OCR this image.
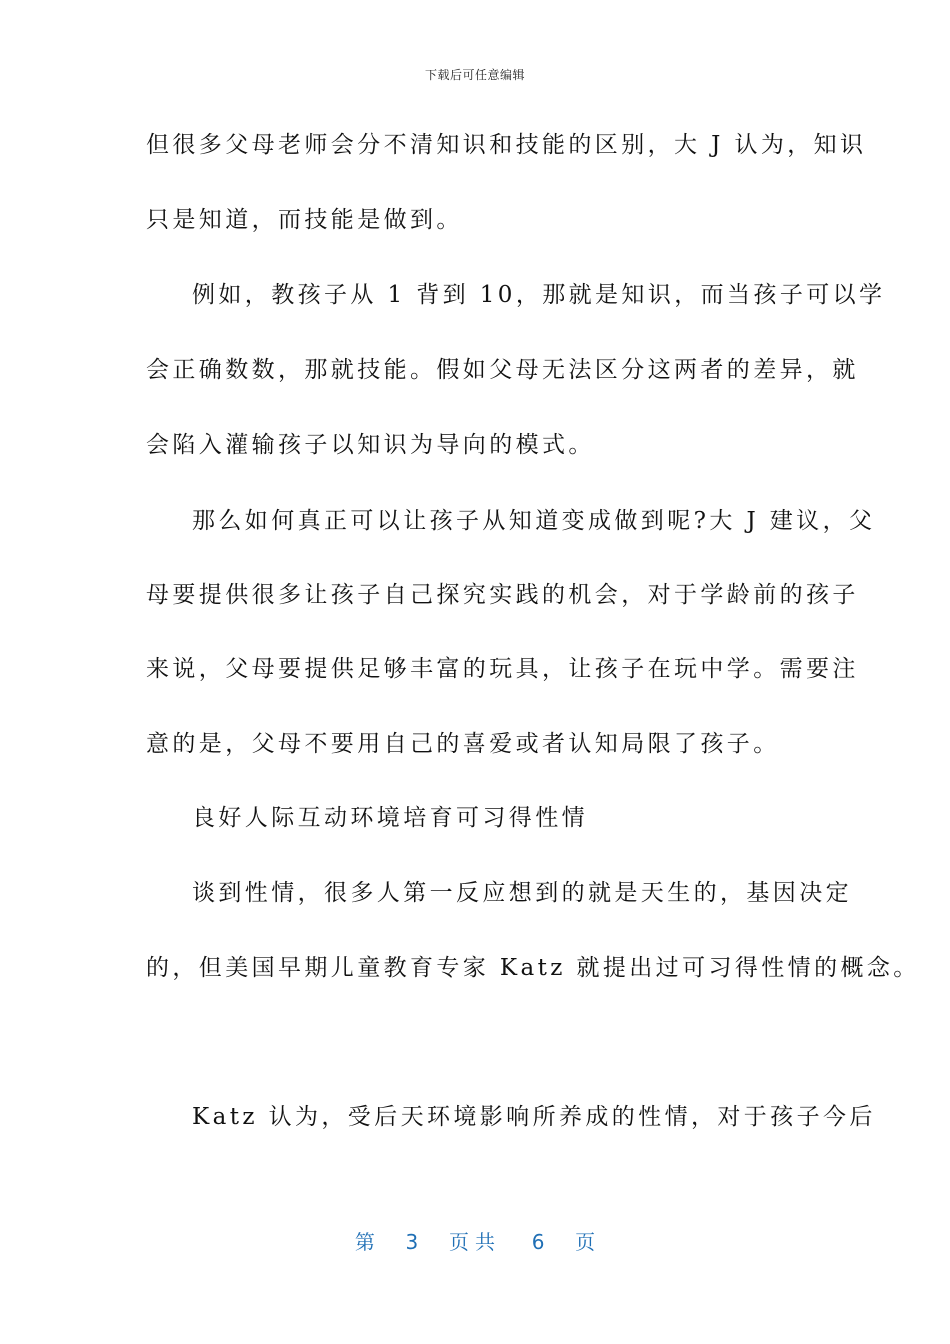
下载后可任意编辑
但很多父母老师会分不清知识和技能的区别，大 J 认为，知识
只是知道，而技能是做到。
例如，教孩子从 1 背到 10，那就是知识，而当孩子可以学
会正确数数，那就技能。假如父母无法区分这两者的差异，就
会陷入灌输孩子以知识为导向的模式。
那么如何真正可以让孩子从知道变成做到呢?大 J 建议，父
母要提供很多让孩子自己探究实践的机会，对于学龄前的孩子
来说，父母要提供足够丰富的玩具，让孩子在玩中学。需要注
意的是，父母不要用自己的喜爱或者认知局限了孩子。
良好人际互动环境培育可习得性情
谈到性情，很多人第一反应想到的就是天生的，基因决定
的，但美国早期儿童教育专家 Katz 就提出过可习得性情的概念。
Katz 认为，受后天环境影响所养成的性情，对于孩子今后
第 3 页共 6 页
